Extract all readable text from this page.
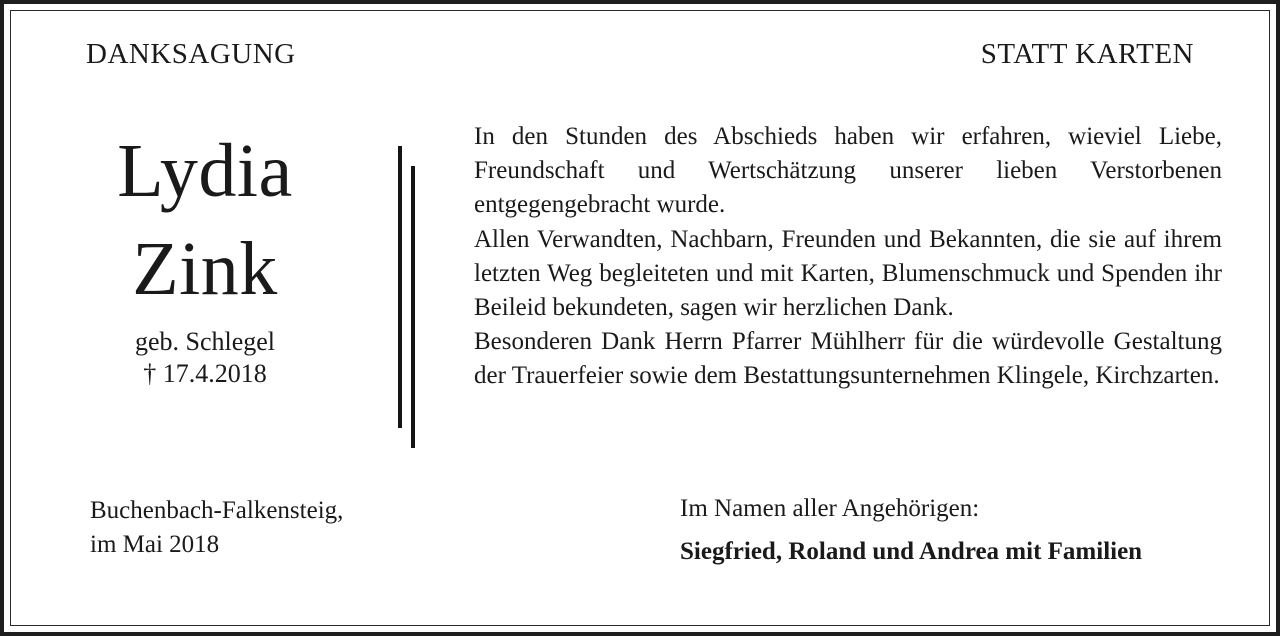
DANKSAGUNG	STATT KARTEN
Lydia
Zink
geb. Schlegel
† 17.4.2018

In den Stunden des Abschieds haben wir erfahren, wieviel Liebe, Freundschaft und Wertschätzung unserer lieben Verstorbenen entgegengebracht wurde.

Allen Verwandten, Nachbarn, Freunden und Bekannten, die sie auf ihrem letzten Weg begleiteten und mit Karten, Blumenschmuck und Spenden ihr Beileid bekundeten, sagen wir herzlichen Dank.

Besonderen Dank Herrn Pfarrer Mühlherr für die würdevolle Gestaltung der Trauerfeier sowie dem Bestattungsunternehmen Klingele, Kirchzarten.

Buchenbach-Falkensteig,
im Mai 2018
Im Namen aller Angehörigen:
Siegfried, Roland und Andrea mit Familien
